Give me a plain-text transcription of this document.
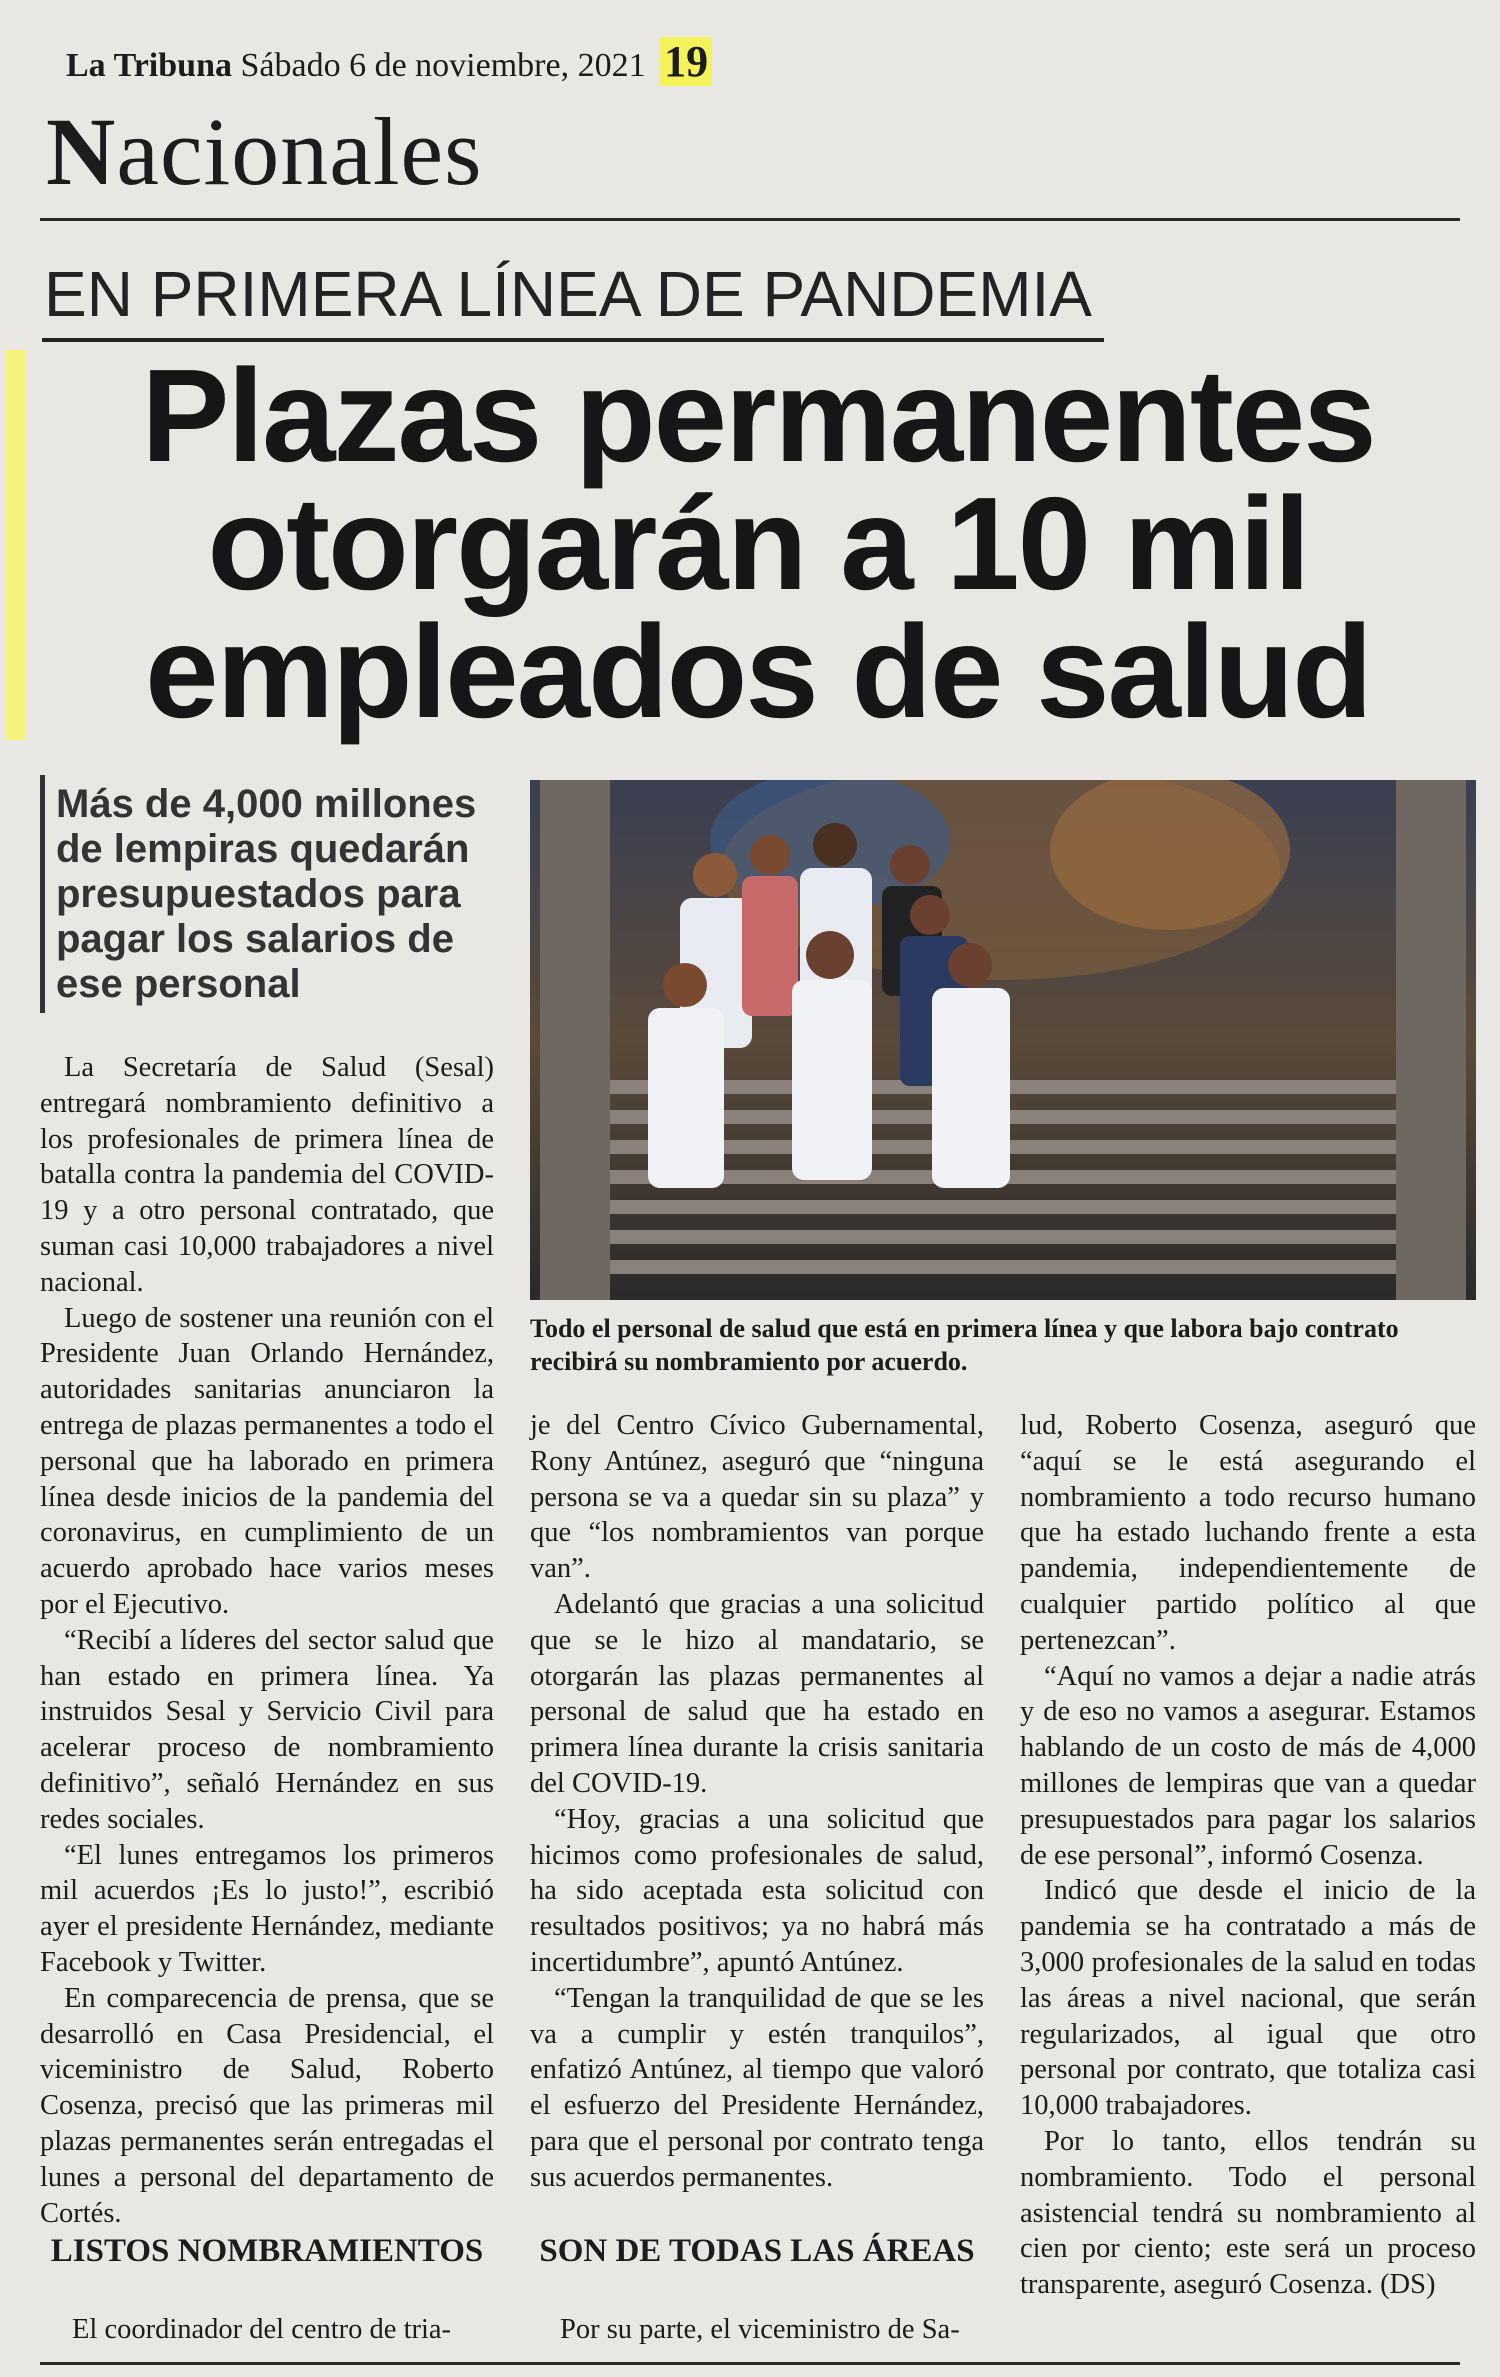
La Tribuna Sábado 6 de noviembre, 2021 19
Nacionales
EN PRIMERA LÍNEA DE PANDEMIA
Plazas permanentes
otorgarán a 10 mil
empleados de salud
Más de 4,000 millones de lempiras quedarán presupuestados para pagar los salarios de ese personal
Todo el personal de salud que está en primera línea y que labora bajo contrato recibirá su nombramiento por acuerdo.

La Secretaría de Salud (Sesal) entregará nombramiento definitivo a los profesionales de primera línea de batalla contra la pandemia del COVID-19 y a otro personal contratado, que suman casi 10,000 trabajadores a nivel nacional.

Luego de sostener una reunión con el Presidente Juan Orlando Hernández, autoridades sanitarias anunciaron la entrega de plazas permanentes a todo el personal que ha laborado en primera línea desde inicios de la pandemia del coronavirus, en cumplimiento de un acuerdo aprobado hace varios meses por el Ejecutivo.

“Recibí a líderes del sector salud que han estado en primera línea. Ya instruidos Sesal y Servicio Civil para acelerar proceso de nombramiento definitivo”, señaló Hernández en sus redes sociales.

“El lunes entregamos los primeros mil acuerdos ¡Es lo justo!”, escribió ayer el presidente Hernández, mediante Facebook y Twitter.

En comparecencia de prensa, que se desarrolló en Casa Presidencial, el viceministro de Salud, Roberto Cosenza, precisó que las primeras mil plazas permanentes serán entregadas el lunes a personal del departamento de Cortés.

LISTOS NOMBRAMIENTOS
El coordinador del centro de tria-

je del Centro Cívico Gubernamental, Rony Antúnez, aseguró que “ninguna persona se va a quedar sin su plaza” y que “los nombramientos van porque van”.

Adelantó que gracias a una solicitud que se le hizo al mandatario, se otorgarán las plazas permanentes al personal de salud que ha estado en primera línea durante la crisis sanitaria del COVID-19.

“Hoy, gracias a una solicitud que hicimos como profesionales de salud, ha sido aceptada esta solicitud con resultados positivos; ya no habrá más incertidumbre”, apuntó Antúnez.

“Tengan la tranquilidad de que se les va a cumplir y estén tranquilos”, enfatizó Antúnez, al tiempo que valoró el esfuerzo del Presidente Hernández, para que el personal por contrato tenga sus acuerdos permanentes.

SON DE TODAS LAS ÁREAS
Por su parte, el viceministro de Sa-

lud, Roberto Cosenza, aseguró que “aquí se le está asegurando el nombramiento a todo recurso humano que ha estado luchando frente a esta pandemia, independientemente de cualquier partido político al que pertenezcan”.

“Aquí no vamos a dejar a nadie atrás y de eso no vamos a asegurar. Estamos hablando de un costo de más de 4,000 millones de lempiras que van a quedar presupuestados para pagar los salarios de ese personal”, informó Cosenza.

Indicó que desde el inicio de la pandemia se ha contratado a más de 3,000 profesionales de la salud en todas las áreas a nivel nacional, que serán regularizados, al igual que otro personal por contrato, que totaliza casi 10,000 trabajadores.

Por lo tanto, ellos tendrán su nombramiento. Todo el personal asistencial tendrá su nombramiento al cien por ciento; este será un proceso transparente, aseguró Cosenza. (DS)
